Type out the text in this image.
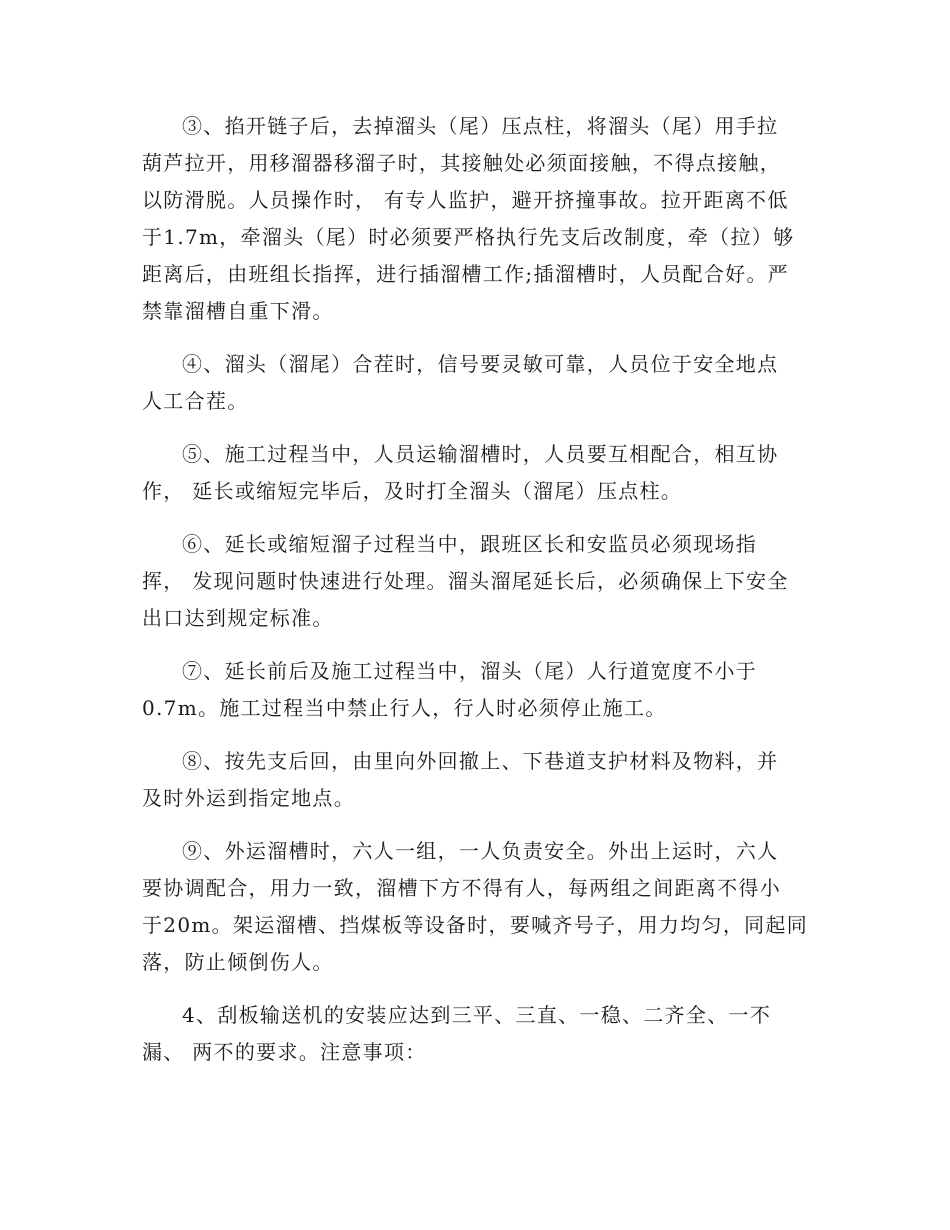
③、掐开链子后，去掉溜头（尾）压点柱，将溜头（尾）用手拉
葫芦拉开，用移溜器移溜子时，其接触处必须面接触，不得点接触，
以防滑脱。人员操作时， 有专人监护，避开挤撞事故。拉开距离不低
于1.7m，牵溜头（尾）时必须要严格执行先支后改制度，牵（拉）够
距离后，由班组长指挥，进行插溜槽工作;插溜槽时，人员配合好。严
禁靠溜槽自重下滑。

④、溜头（溜尾）合茬时，信号要灵敏可靠，人员位于安全地点
人工合茬。

⑤、施工过程当中，人员运输溜槽时，人员要互相配合，相互协
作， 延长或缩短完毕后，及时打全溜头（溜尾）压点柱。

⑥、延长或缩短溜子过程当中，跟班区长和安监员必须现场指
挥， 发现问题时快速进行处理。溜头溜尾延长后，必须确保上下安全
出口达到规定标准。

⑦、延长前后及施工过程当中，溜头（尾）人行道宽度不小于
0.7m。施工过程当中禁止行人，行人时必须停止施工。

⑧、按先支后回，由里向外回撤上、下巷道支护材料及物料，并
及时外运到指定地点。

⑨、外运溜槽时，六人一组，一人负责安全。外出上运时，六人
要协调配合，用力一致，溜槽下方不得有人，每两组之间距离不得小
于20m。架运溜槽、挡煤板等设备时，要喊齐号子，用力均匀，同起同
落，防止倾倒伤人。

4、刮板输送机的安装应达到三平、三直、一稳、二齐全、一不
漏、 两不的要求。注意事项：
